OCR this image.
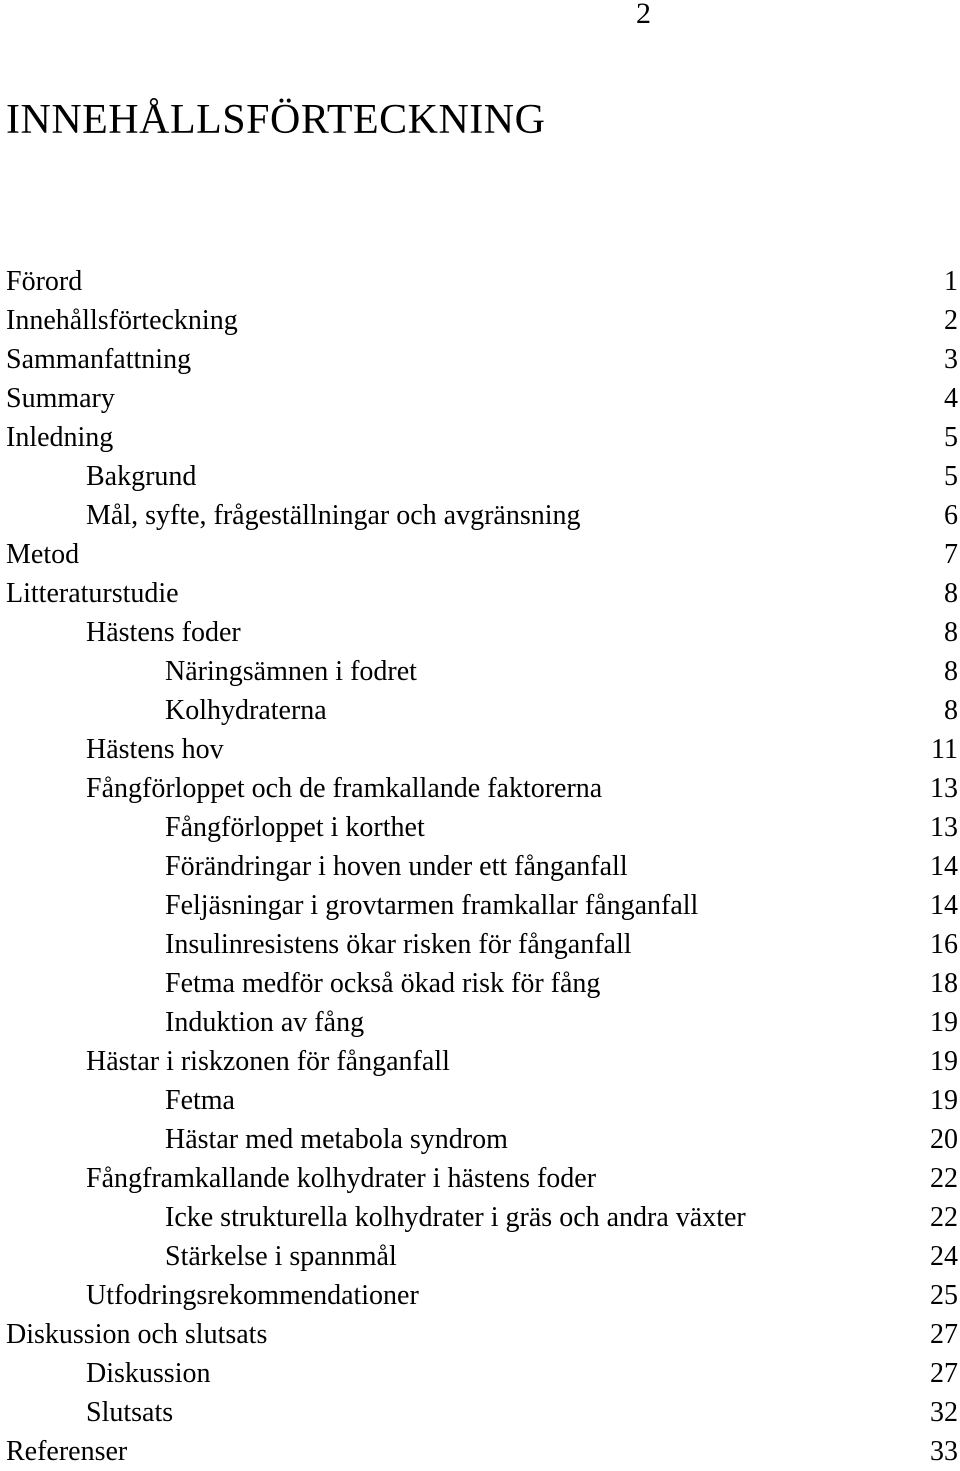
2
INNEHÅLLSFÖRTECKNING
Förord	1
Innehållsförteckning	2
Sammanfattning	3
Summary	4
Inledning	5
Bakgrund	5
Mål, syfte, frågeställningar och avgränsning	6
Metod	7
Litteraturstudie	8
Hästens foder	8
Näringsämnen i fodret	8
Kolhydraterna	8
Hästens hov	11
Fångförloppet och de framkallande faktorerna	13
Fångförloppet i korthet	13
Förändringar i hoven under ett fånganfall	14
Feljäsningar i grovtarmen framkallar fånganfall	14
Insulinresistens ökar risken för fånganfall	16
Fetma medför också ökad risk för fång	18
Induktion av fång	19
Hästar i riskzonen för fånganfall	19
Fetma	19
Hästar med metabola syndrom	20
Fångframkallande kolhydrater i hästens foder	22
Icke strukturella kolhydrater i gräs och andra växter	22
Stärkelse i spannmål	24
Utfodringsrekommendationer	25
Diskussion och slutsats	27
Diskussion	27
Slutsats	32
Referenser	33
